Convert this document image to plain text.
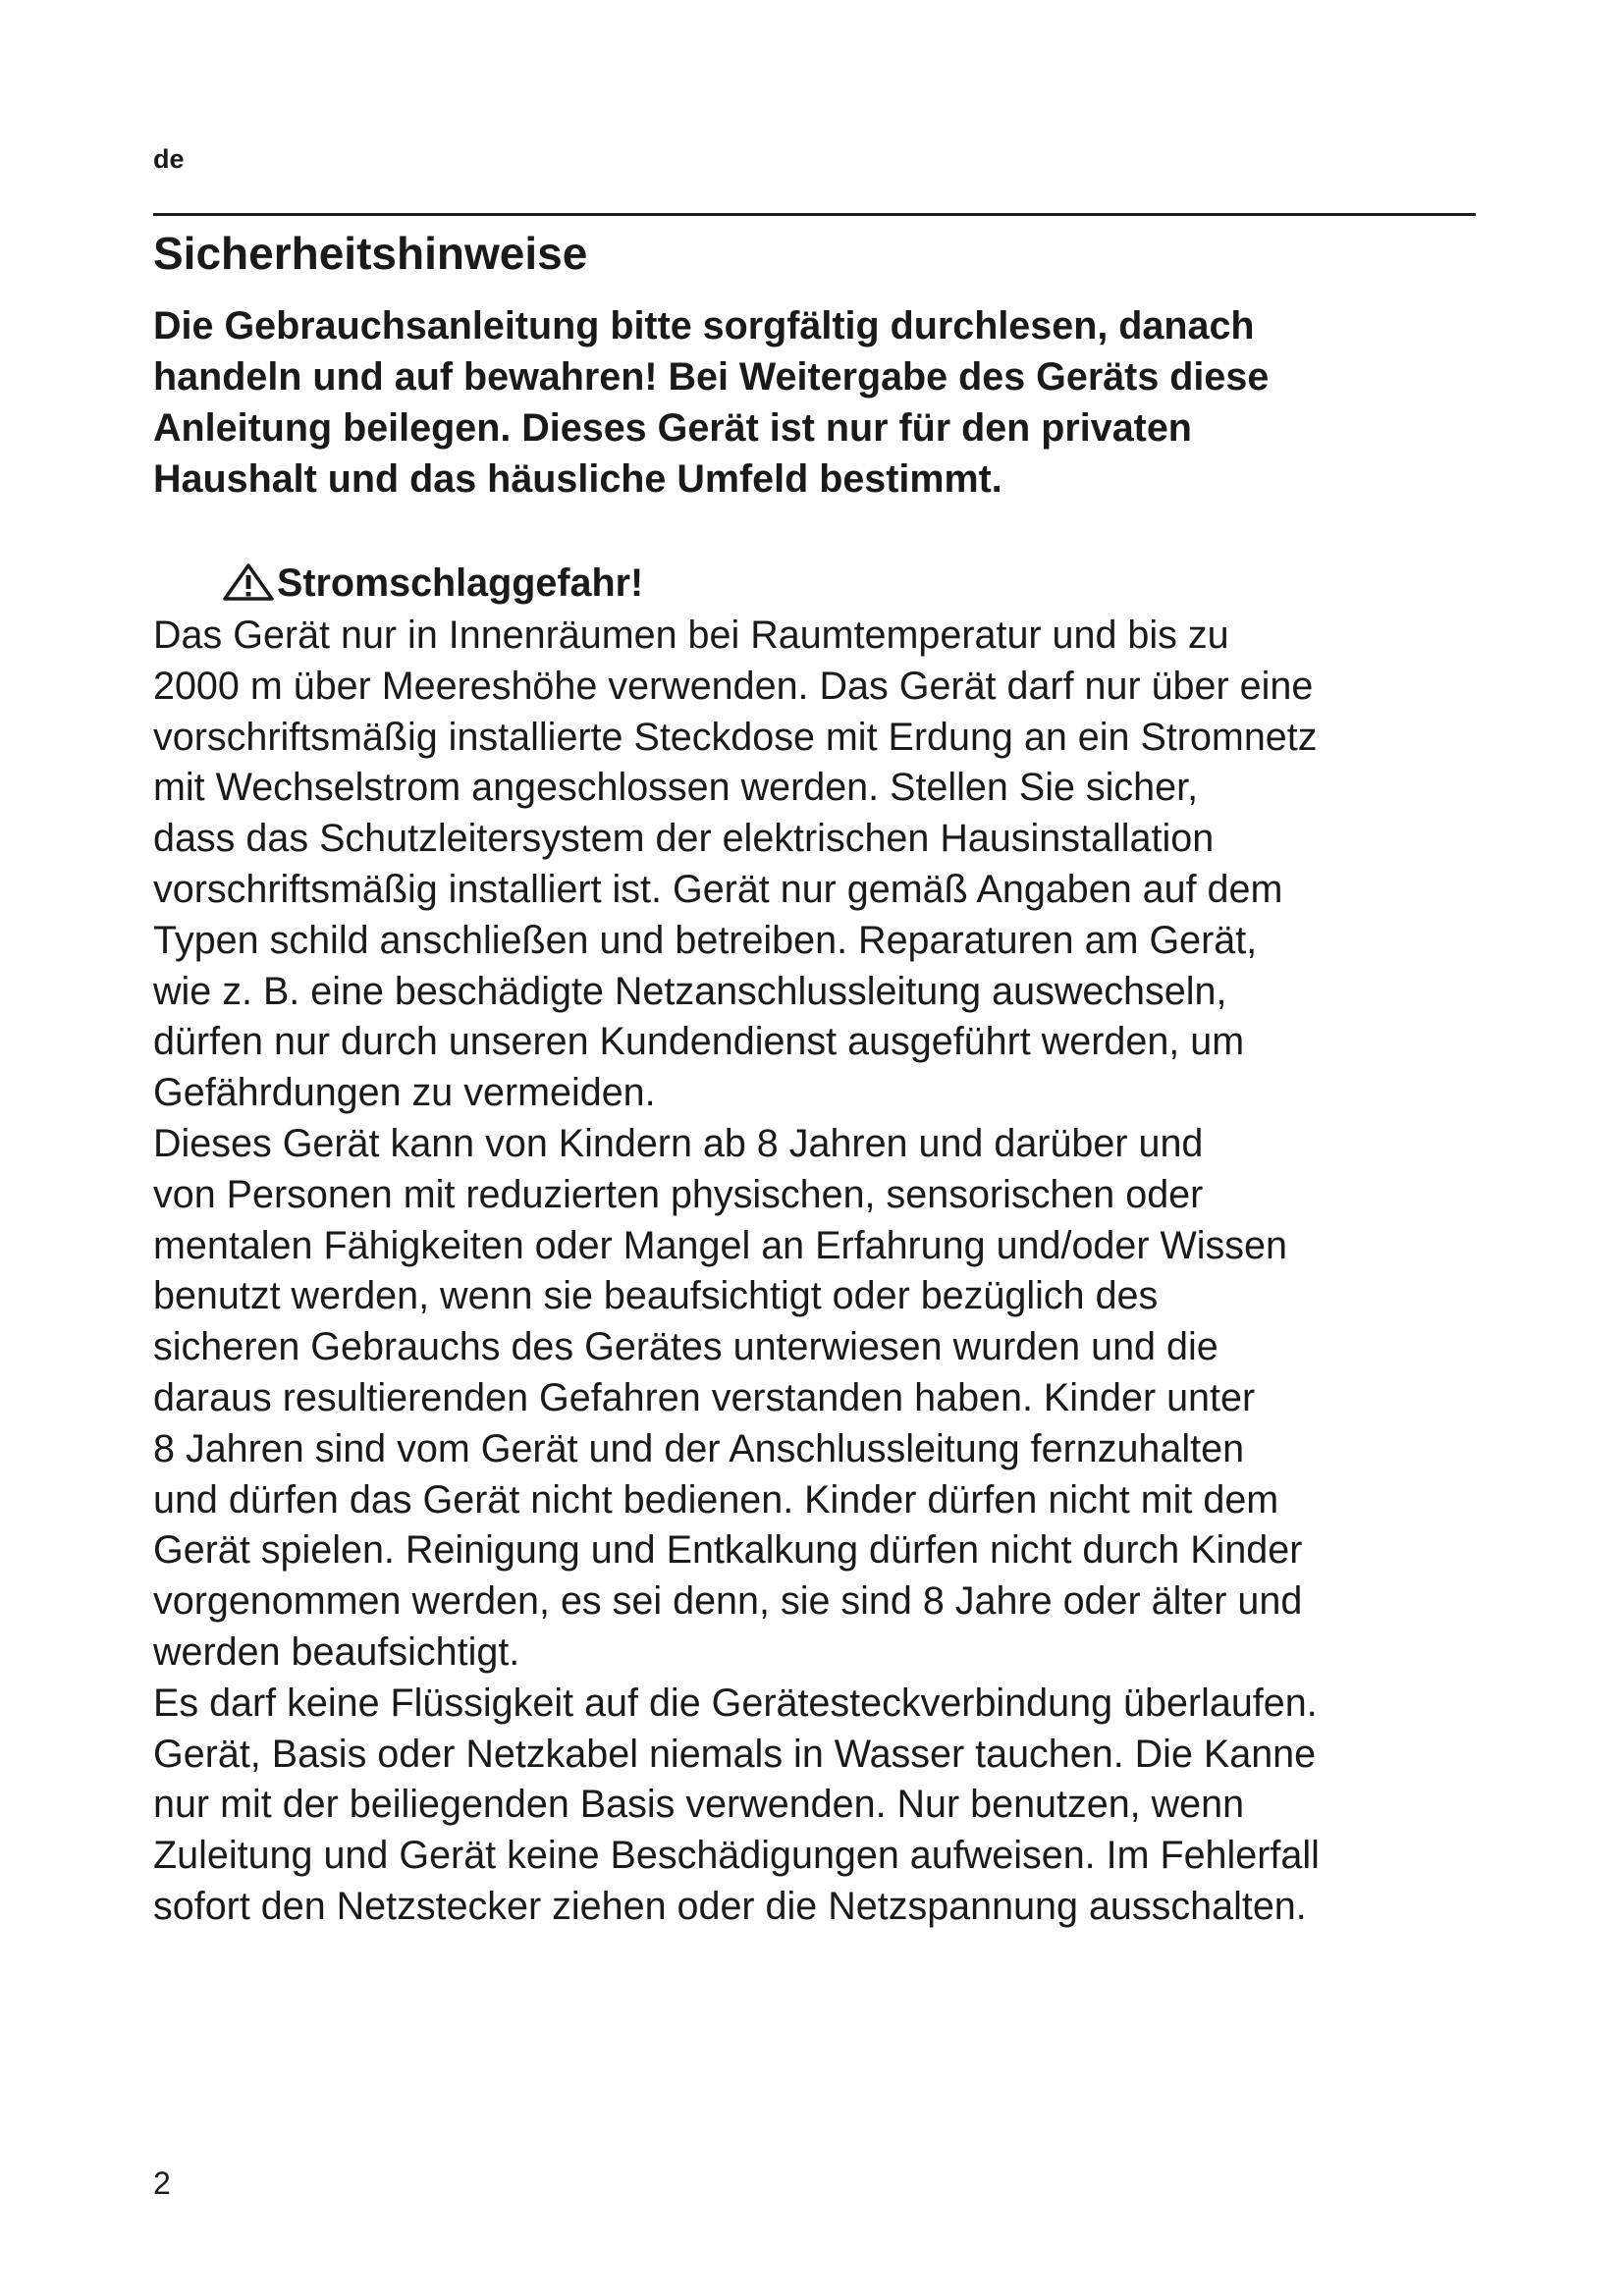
de
Sicherheitshinweise
Die Gebrauchsanleitung bitte sorgfältig durchlesen, danach
handeln und auf bewahren! Bei Weitergabe des Geräts diese
Anleitung beilegen. Dieses Gerät ist nur für den privaten
Haushalt und das häusliche Umfeld bestimmt.
Stromschlaggefahr!
Das Gerät nur in Innenräumen bei Raumtemperatur und bis zu
2000 m über Meereshöhe verwenden. Das Gerät darf nur über eine
vorschriftsmäßig installierte Steckdose mit Erdung an ein Stromnetz
mit Wechselstrom angeschlossen werden. Stellen Sie sicher,
dass das Schutzleitersystem der elektrischen Hausinstallation
vorschriftsmäßig installiert ist. Gerät nur gemäß Angaben auf dem
Typen schild anschließen und betreiben. Reparaturen am Gerät,
wie z. B. eine beschädigte Netzanschlussleitung auswechseln,
dürfen nur durch unseren Kundendienst ausgeführt werden, um
Gefährdungen zu vermeiden.
Dieses Gerät kann von Kindern ab 8 Jahren und darüber und
von Personen mit reduzierten physischen, sensorischen oder
mentalen Fähigkeiten oder Mangel an Erfahrung und/oder Wissen
benutzt werden, wenn sie beaufsichtigt oder bezüglich des
sicheren Gebrauchs des Gerätes unterwiesen wurden und die
daraus resultierenden Gefahren verstanden haben. Kinder unter
8 Jahren sind vom Gerät und der Anschlussleitung fernzuhalten
und dürfen das Gerät nicht bedienen. Kinder dürfen nicht mit dem
Gerät spielen. Reinigung und Entkalkung dürfen nicht durch Kinder
vorgenommen werden, es sei denn, sie sind 8 Jahre oder älter und
werden beaufsichtigt.
Es darf keine Flüssigkeit auf die Gerätesteckverbindung überlaufen.
Gerät, Basis oder Netzkabel niemals in Wasser tauchen. Die Kanne
nur mit der beiliegenden Basis verwenden. Nur benutzen, wenn
Zuleitung und Gerät keine Beschädigungen aufweisen. Im Fehlerfall
sofort den Netzstecker ziehen oder die Netzspannung ausschalten.
2
